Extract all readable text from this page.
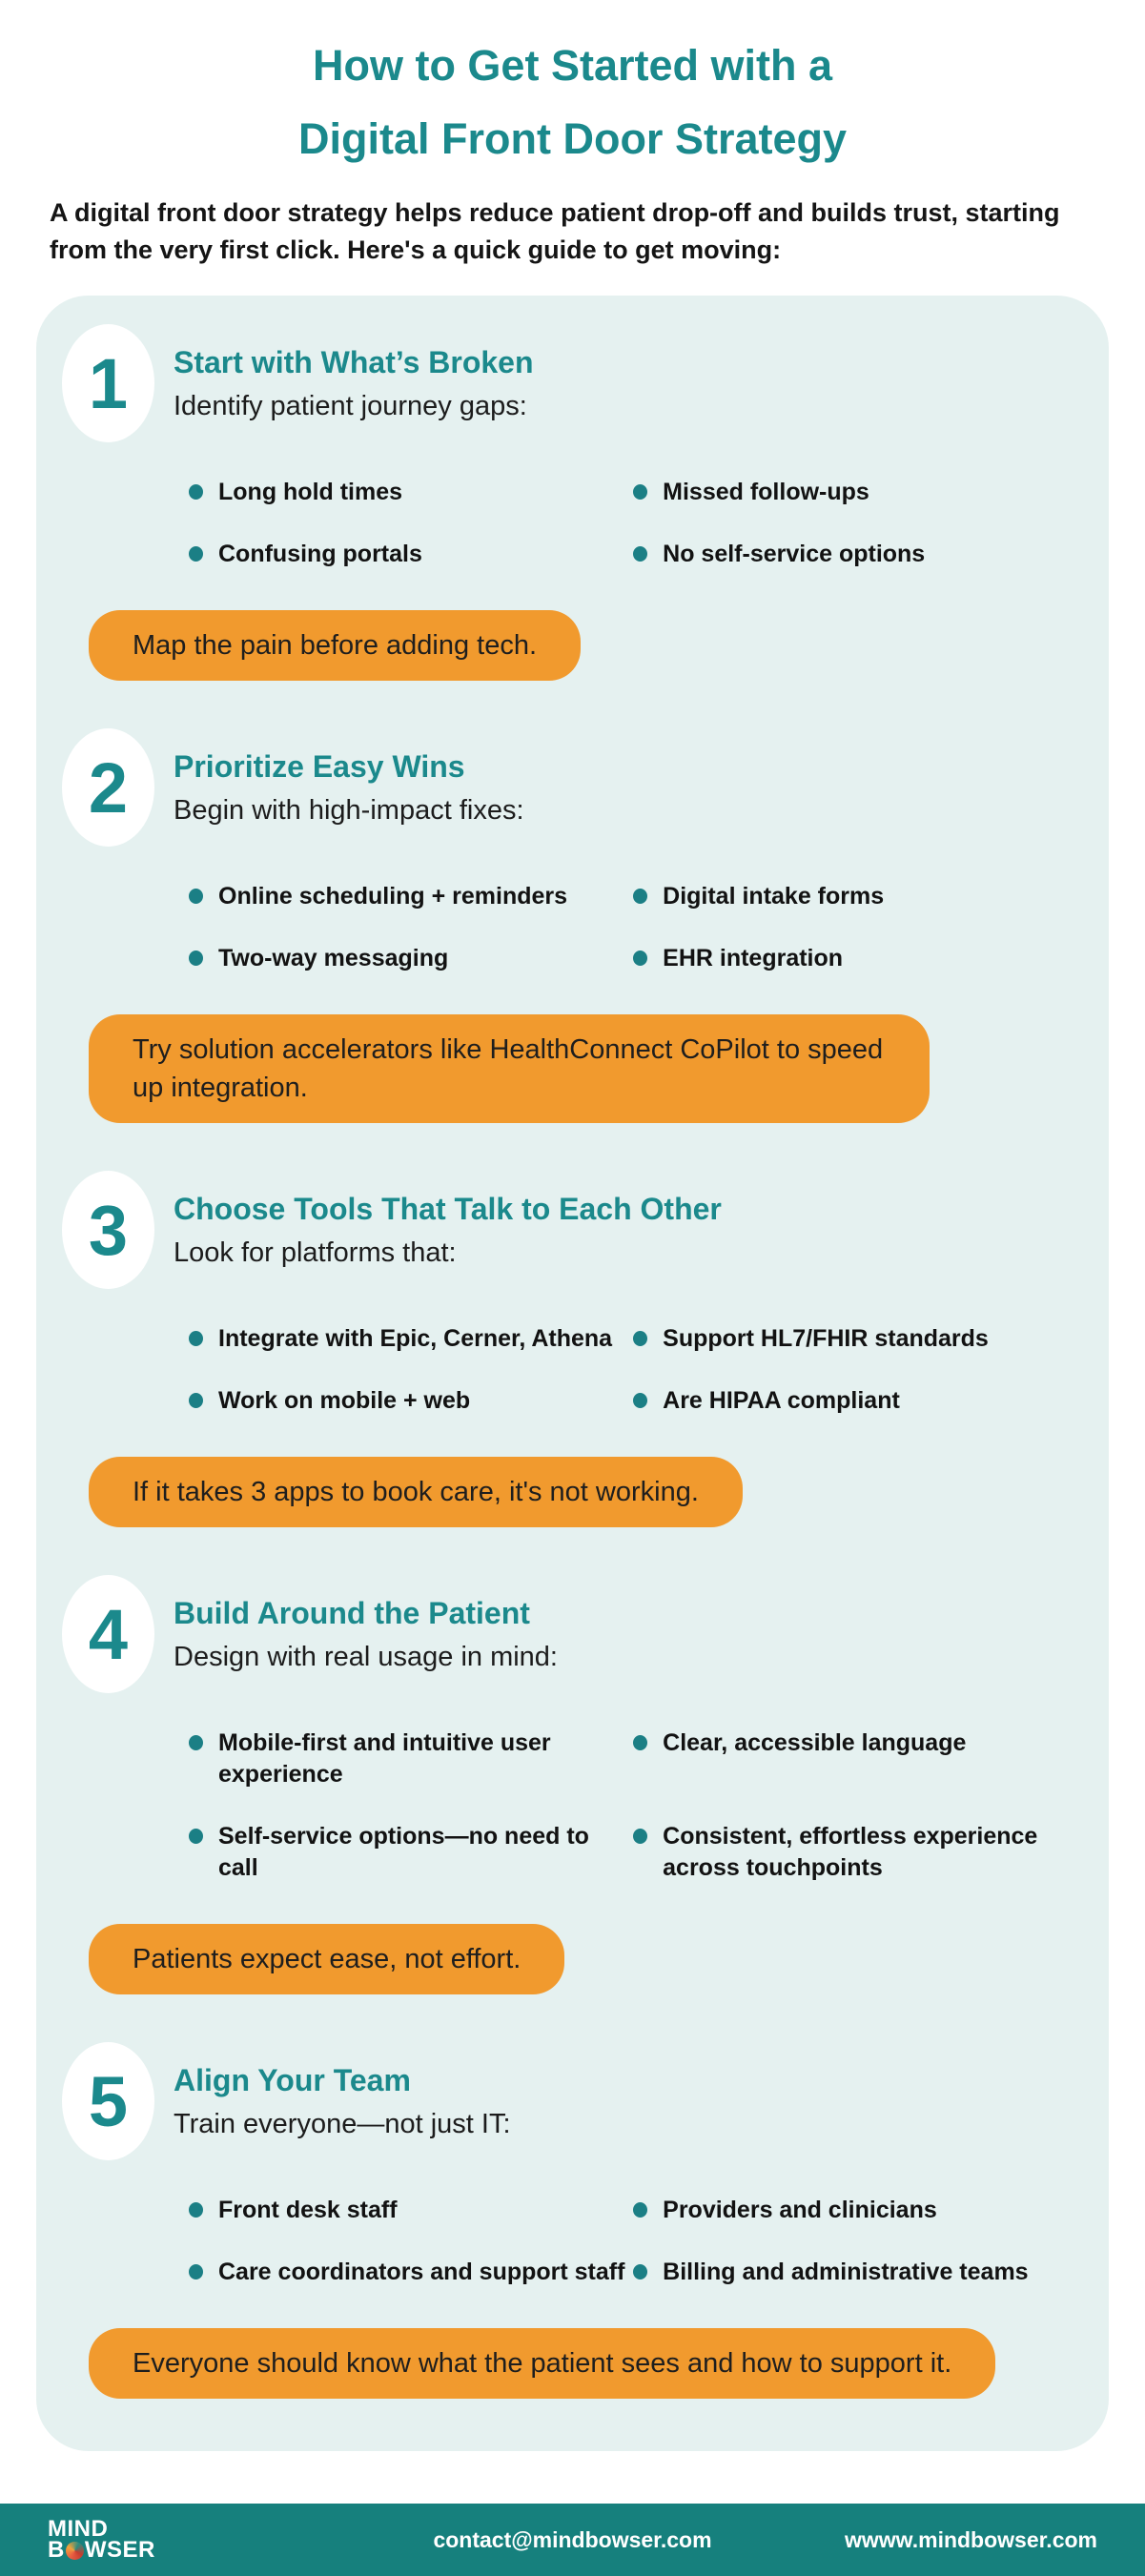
How to Get Started with a
Digital Front Door Strategy

A digital front door strategy helps reduce patient drop-off and builds trust, starting from the very first click. Here's a quick guide to get moving:

1	Start with What’s Broken

Identify patient journey gaps:

Long hold times	Missed follow-ups
Confusing portals	No self-service options
Map the pain before adding tech.
2	Prioritize Easy Wins

Begin with high-impact fixes:

Online scheduling + reminders	Digital intake forms
Two-way messaging	EHR integration
Try solution accelerators like HealthConnect CoPilot to speed up integration.
3	Choose Tools That Talk to Each Other

Look for platforms that:

Integrate with Epic, Cerner, Athena Support HL7/FHIR standards
Work on mobile + web	Are HIPAA compliant
If it takes 3 apps to book care, it's not working.
4	Build Around the Patient

Design with real usage in mind:

Mobile-first and intuitive user experience
Clear, accessible language
Self-service options—no need to call
Consistent, effortless experience across touchpoints
Patients expect ease, not effort.
5	Align Your Team

Train everyone—not just IT:

Front desk staff	Providers and clinicians
Care coordinators and support staff Billing and administrative teams
Everyone should know what the patient sees and how to support it.
MIND
B WSER	contact@mindbowser.com	wwww.mindbowser.com
